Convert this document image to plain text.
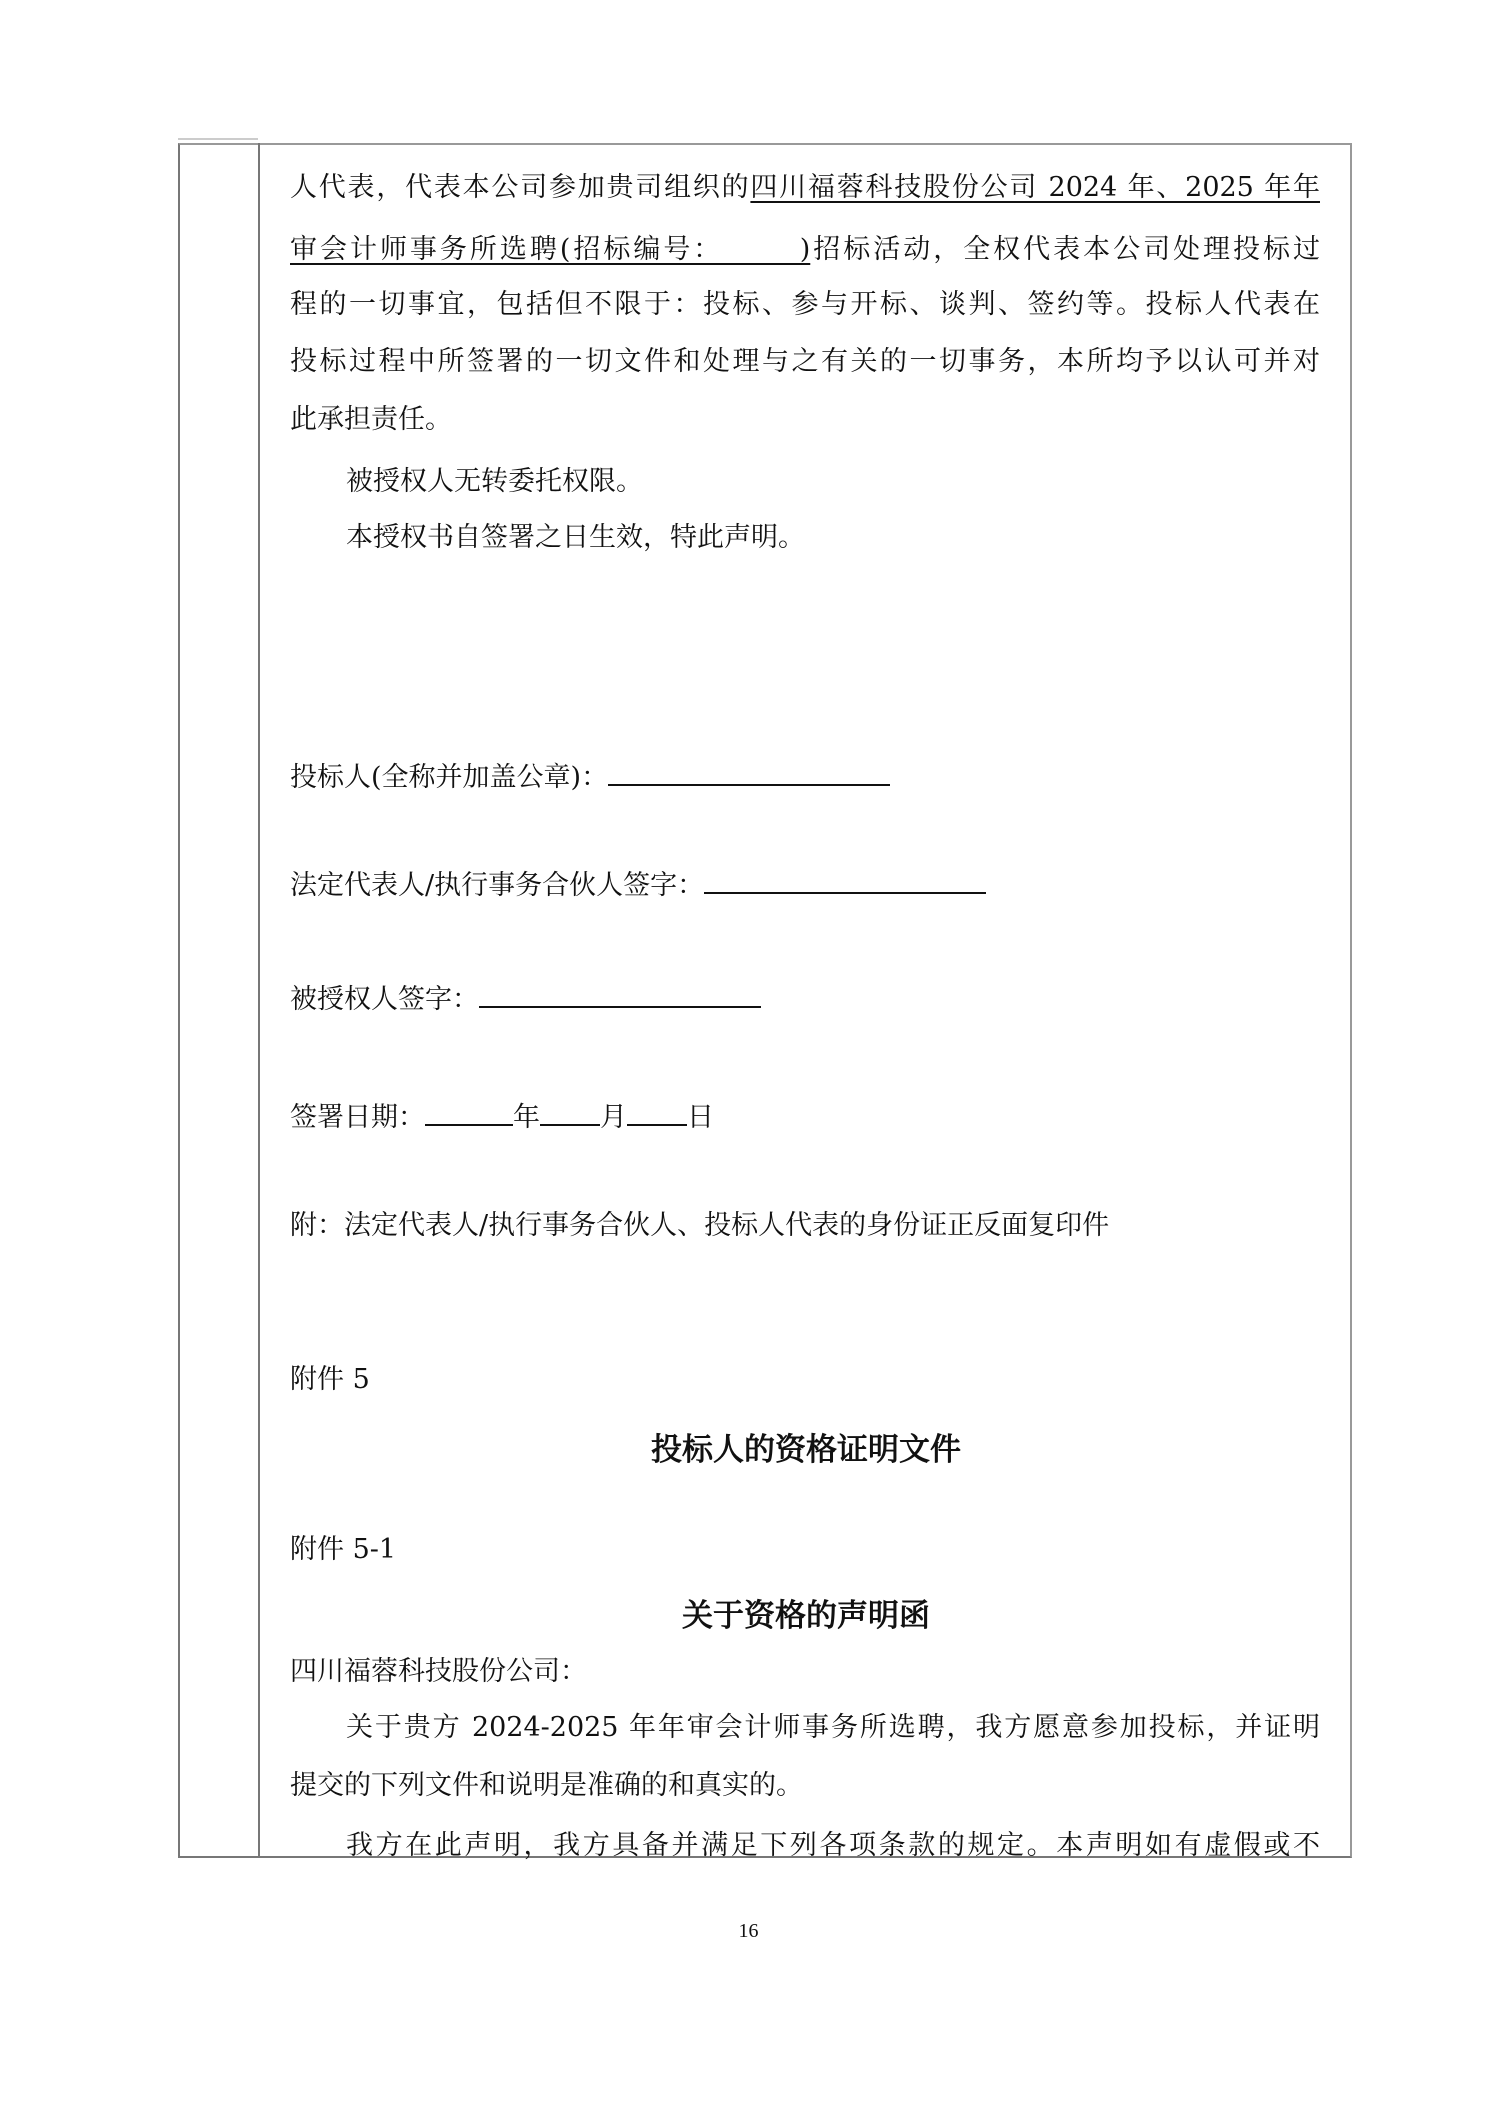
人代表，代表本公司参加贵司组织的四川福蓉科技股份公司 2024 年、2025 年年
审会计师事务所选聘(招标编号：　　　)招标活动，全权代表本公司处理投标过
程的一切事宜，包括但不限于：投标、参与开标、谈判、签约等。投标人代表在
投标过程中所签署的一切文件和处理与之有关的一切事务，本所均予以认可并对
此承担责任。
被授权人无转委托权限。
本授权书自签署之日生效，特此声明。
投标人(全称并加盖公章)：
法定代表人/执行事务合伙人签字：
被授权人签字：
签署日期：	年 月 日
附：法定代表人/执行事务合伙人、投标人代表的身份证正反面复印件
附件 5
投标人的资格证明文件
附件 5-1
关于资格的声明函
四川福蓉科技股份公司：
关于贵方 2024-2025 年年审会计师事务所选聘，我方愿意参加投标，并证明
提交的下列文件和说明是准确的和真实的。
我方在此声明，我方具备并满足下列各项条款的规定。本声明如有虚假或不
16
